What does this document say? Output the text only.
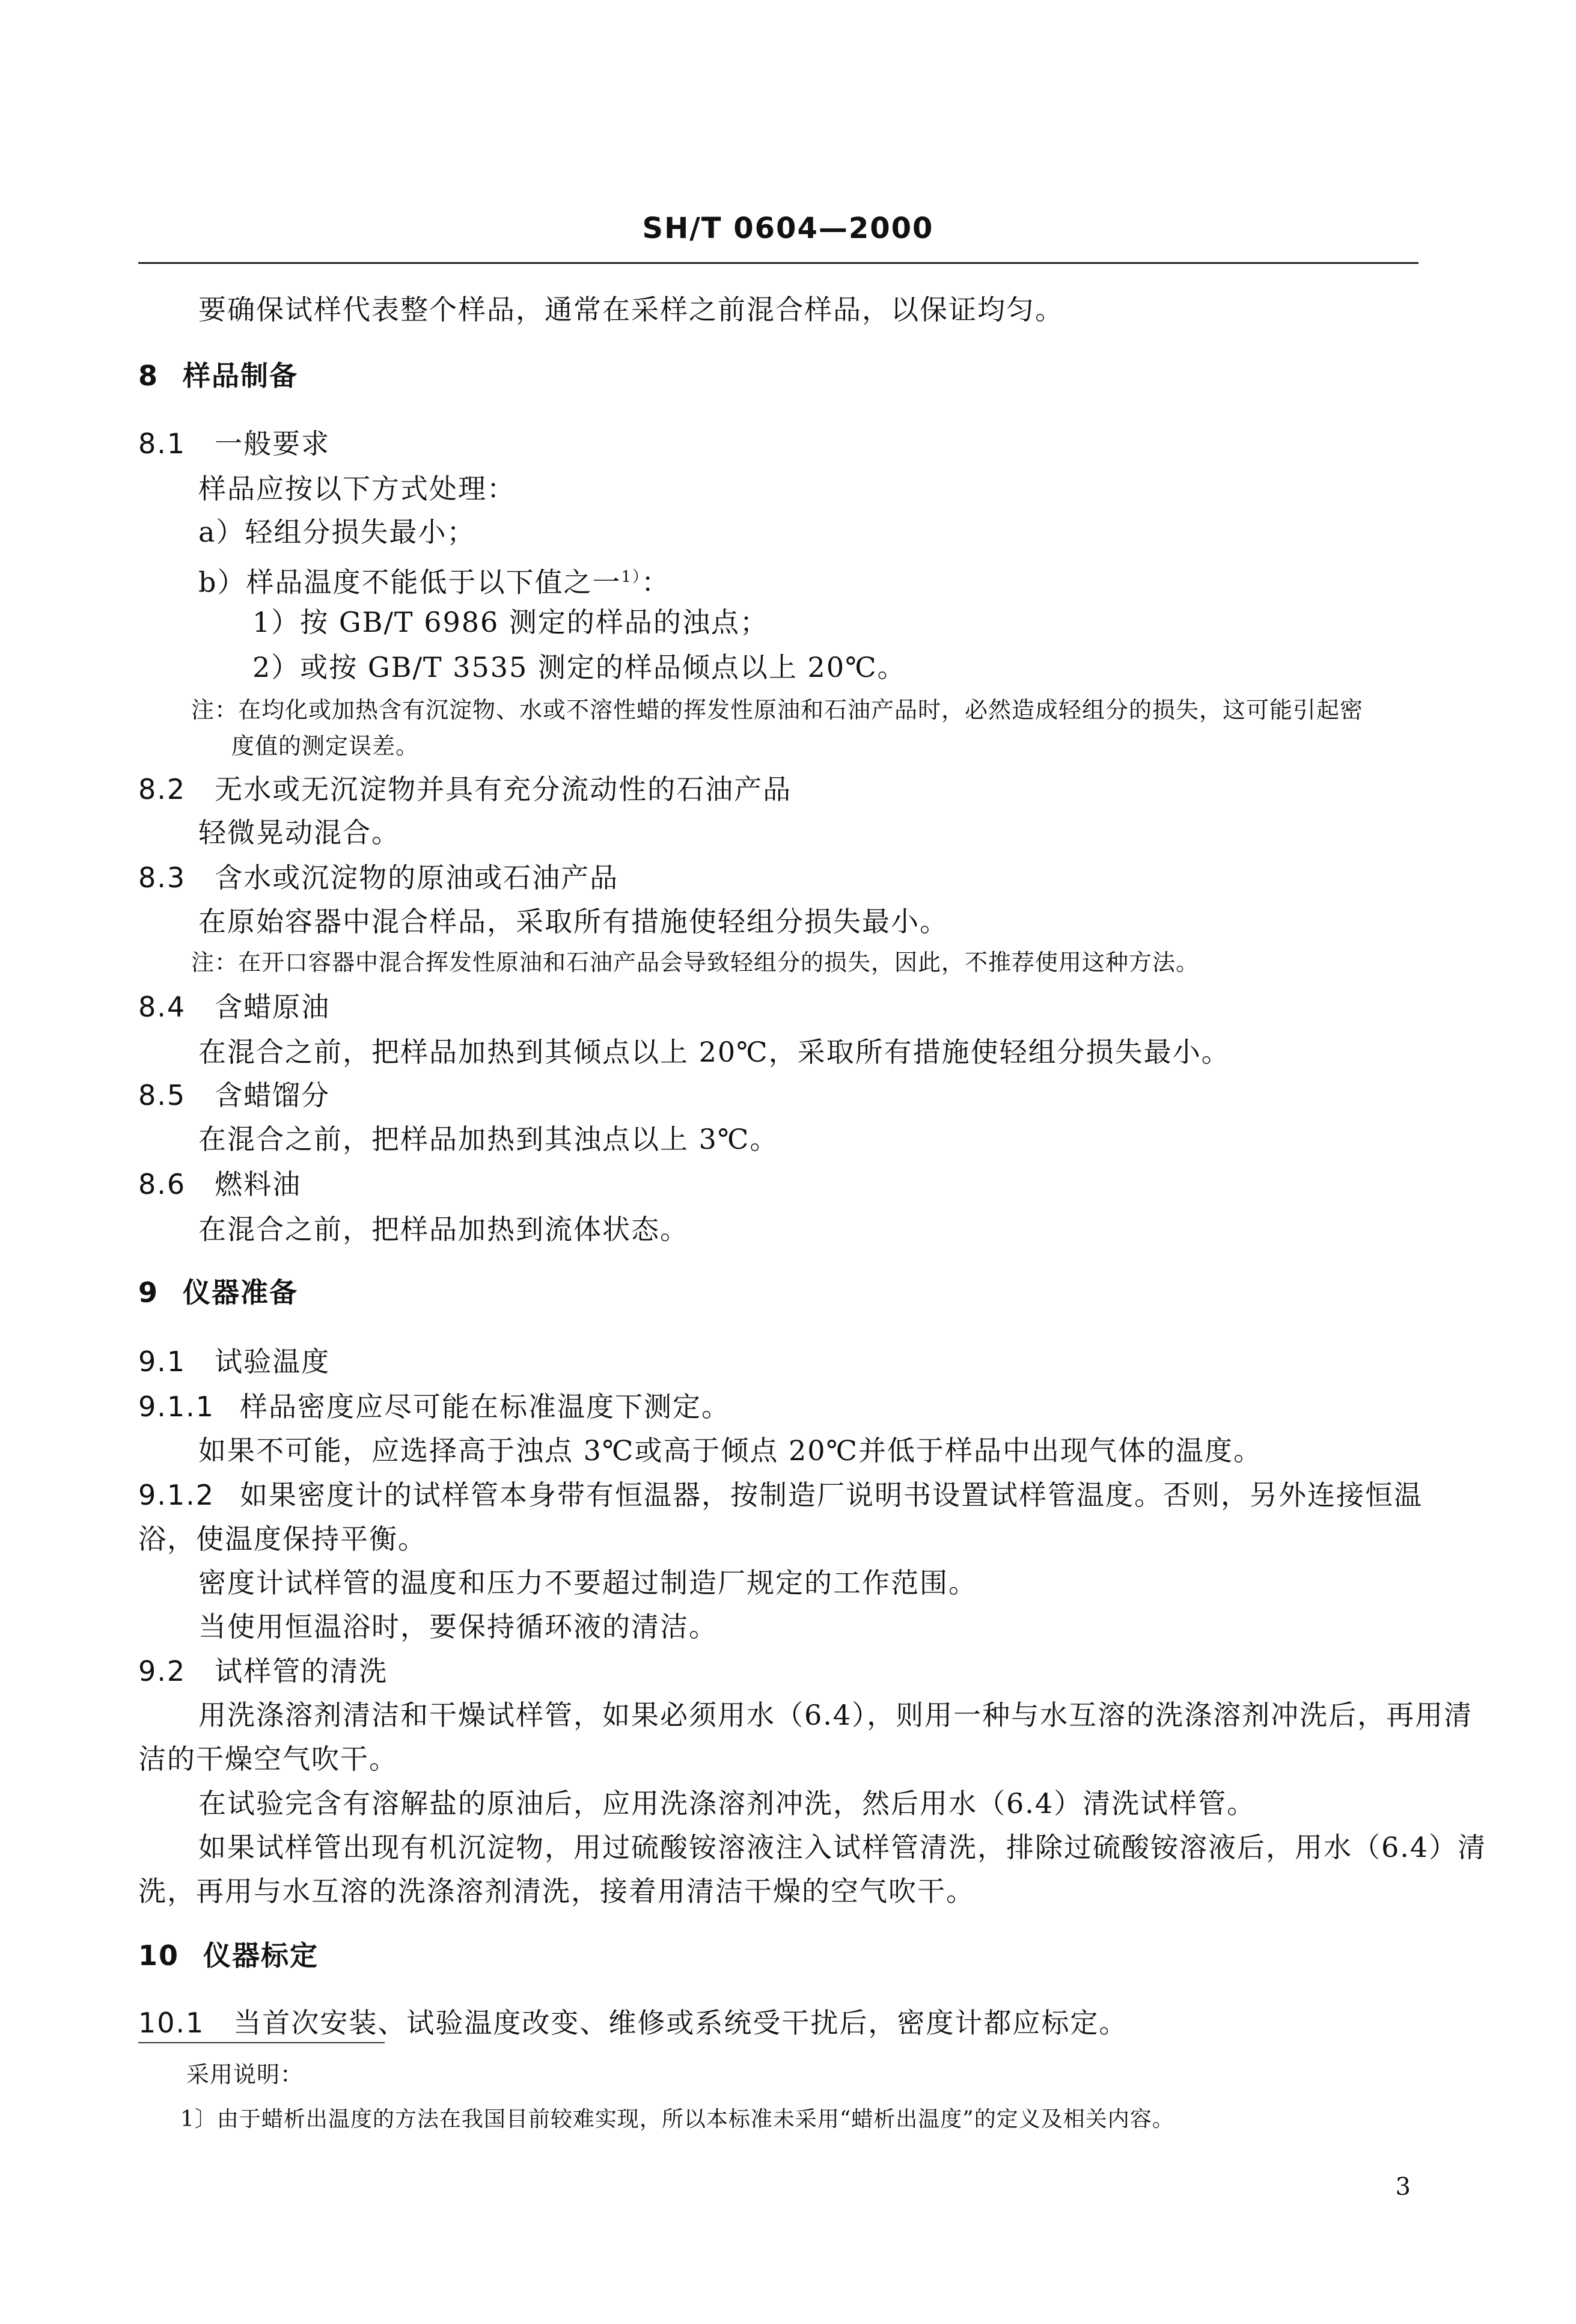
SH/T 0604—2000
要确保试样代表整个样品，通常在采样之前混合样品，以保证均匀。
8 样品制备
8.1 一般要求
样品应按以下方式处理：
a）轻组分损失最小；
b）样品温度不能低于以下值之一$^{1)}$：
1）按 GB/T 6986 测定的样品的浊点；
2）或按 GB/T 3535 测定的样品倾点以上 20℃。
注：在均化或加热含有沉淀物、水或不溶性蜡的挥发性原油和石油产品时，必然造成轻组分的损失，这可能引起密
度值的测定误差。
8.2 无水或无沉淀物并具有充分流动性的石油产品
轻微晃动混合。
8.3 含水或沉淀物的原油或石油产品
在原始容器中混合样品，采取所有措施使轻组分损失最小。
注：在开口容器中混合挥发性原油和石油产品会导致轻组分的损失，因此，不推荐使用这种方法。
8.4 含蜡原油
在混合之前，把样品加热到其倾点以上 20℃，采取所有措施使轻组分损失最小。
8.5 含蜡馏分
在混合之前，把样品加热到其浊点以上 3℃。
8.6 燃料油
在混合之前，把样品加热到流体状态。
9 仪器准备
9.1 试验温度
9.1.1 样品密度应尽可能在标准温度下测定。
如果不可能，应选择高于浊点 3℃或高于倾点 20℃并低于样品中出现气体的温度。
9.1.2 如果密度计的试样管本身带有恒温器，按制造厂说明书设置试样管温度。否则，另外连接恒温
浴，使温度保持平衡。
密度计试样管的温度和压力不要超过制造厂规定的工作范围。
当使用恒温浴时，要保持循环液的清洁。
9.2 试样管的清洗
用洗涤溶剂清洁和干燥试样管，如果必须用水（6.4），则用一种与水互溶的洗涤溶剂冲洗后，再用清
洁的干燥空气吹干。
在试验完含有溶解盐的原油后，应用洗涤溶剂冲洗，然后用水（6.4）清洗试样管。
如果试样管出现有机沉淀物，用过硫酸铵溶液注入试样管清洗，排除过硫酸铵溶液后，用水（6.4）清
洗，再用与水互溶的洗涤溶剂清洗，接着用清洁干燥的空气吹干。
10 仪器标定
10.1 当首次安装、试验温度改变、维修或系统受干扰后，密度计都应标定。
采用说明：
1〕由于蜡析出温度的方法在我国目前较难实现，所以本标准未采用“蜡析出温度”的定义及相关内容。
3
